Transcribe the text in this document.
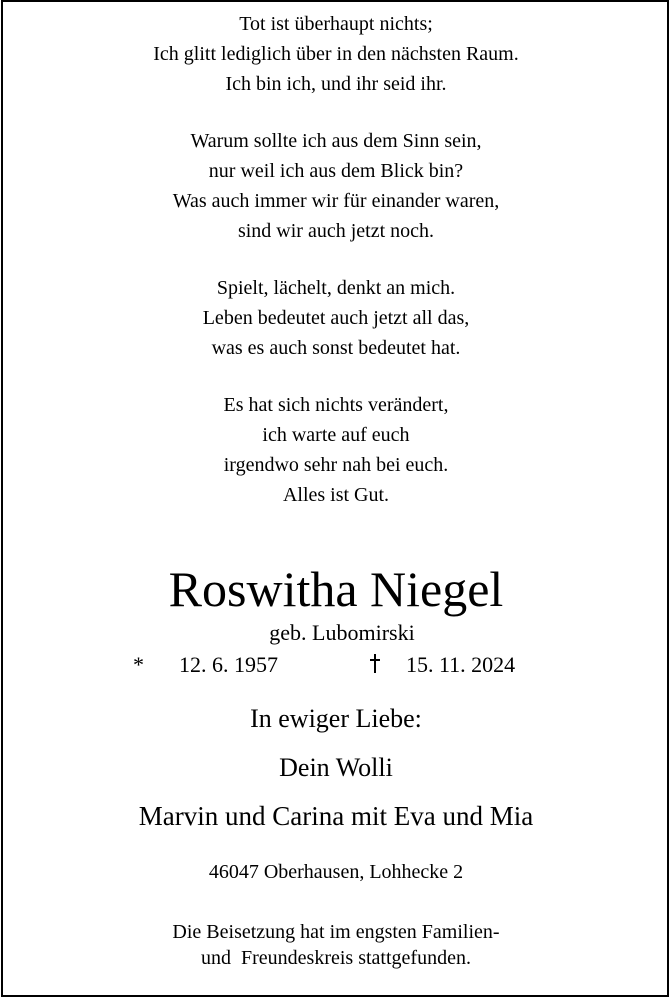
Tot ist überhaupt nichts;
Ich glitt lediglich über in den nächsten Raum.
Ich bin ich, und ihr seid ihr.
Warum sollte ich aus dem Sinn sein,
nur weil ich aus dem Blick bin?
Was auch immer wir für einander waren,
sind wir auch jetzt noch.
Spielt, lächelt, denkt an mich.
Leben bedeutet auch jetzt all das,
was es auch sonst bedeutet hat.
Es hat sich nichts verändert,
ich warte auf euch
irgendwo sehr nah bei euch.
Alles ist Gut.
Roswitha Niegel
geb. Lubomirski
* 12. 6. 1957	15. 11. 2024
In ewiger Liebe:
Dein Wolli
Marvin und Carina mit Eva und Mia
46047 Oberhausen, Lohhecke 2
Die Beisetzung hat im engsten Familien-
und  Freundeskreis stattgefunden.
